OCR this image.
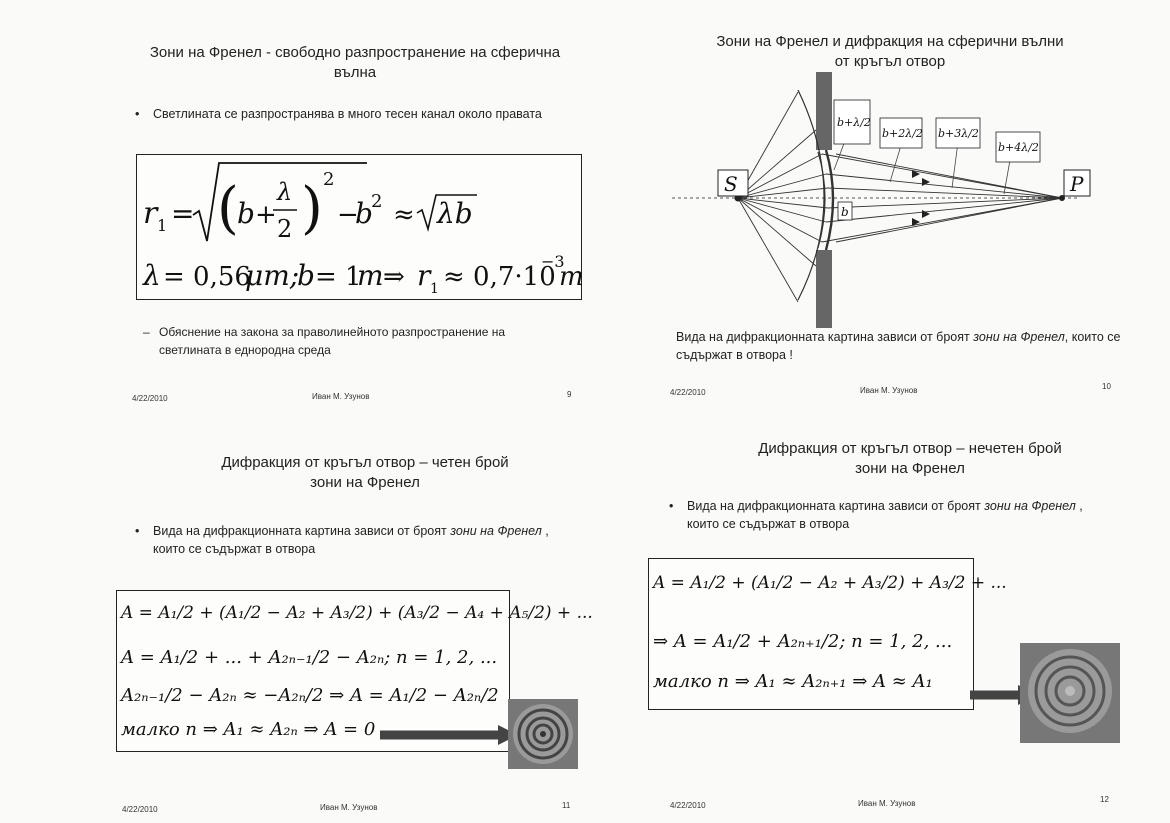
Зони на Френел - свободно разпространение на сферична вълна
• Светлината се разпространява в много тесен канал около правата
r 1 = (
b +
λ
2 ) 2
−
b
2 ≈ λb
λ = 0,56
μm;
b = 1
m ⇒ r 1 ≈ 0,7·10
−3
m
– Обяснение на закона за праволинейното разпространение на светлината в еднородна среда
4/22/2010	Иван М. Узунов	9
Зони на Френел и дифракция на сферични вълни от кръгъл отвор
S	P
b
b+λ/2
b+2λ/2 b+3λ/2
b+4λ/2
Вида на дифракционната картина зависи от броят зони на Френел, които се съдържат в отвора !
4/22/2010	Иван М. Узунов	10
Дифракция от кръгъл отвор – четен брой зони на Френел
• Вида на дифракционната картина зависи от броят зони на Френел , които се съдържат в отвора
A = A₁/2 + (A₁/2 − A₂ + A₃/2) + (A₃/2 − A₄ + A₅/2) + ...
A = A₁/2 + ... + A₂ₙ₋₁/2 − A₂ₙ; n = 1, 2, ...
A₂ₙ₋₁/2 − A₂ₙ ≈ −A₂ₙ/2 ⇒ A = A₁/2 − A₂ₙ/2
малко n ⇒ A₁ ≈ A₂ₙ ⇒ A = 0
4/22/2010	Иван М. Узунов	11
Дифракция от кръгъл отвор – нечетен брой зони на Френел
• Вида на дифракционната картина зависи от броят зони на Френел , които се съдържат в отвора
A = A₁/2 + (A₁/2 − A₂ + A₃/2) + A₃/2 + ...
⇒ A = A₁/2 + A₂ₙ₊₁/2; n = 1, 2, ...
малко n ⇒ A₁ ≈ A₂ₙ₊₁ ⇒ A ≈ A₁
4/22/2010	Иван М. Узунов	12
